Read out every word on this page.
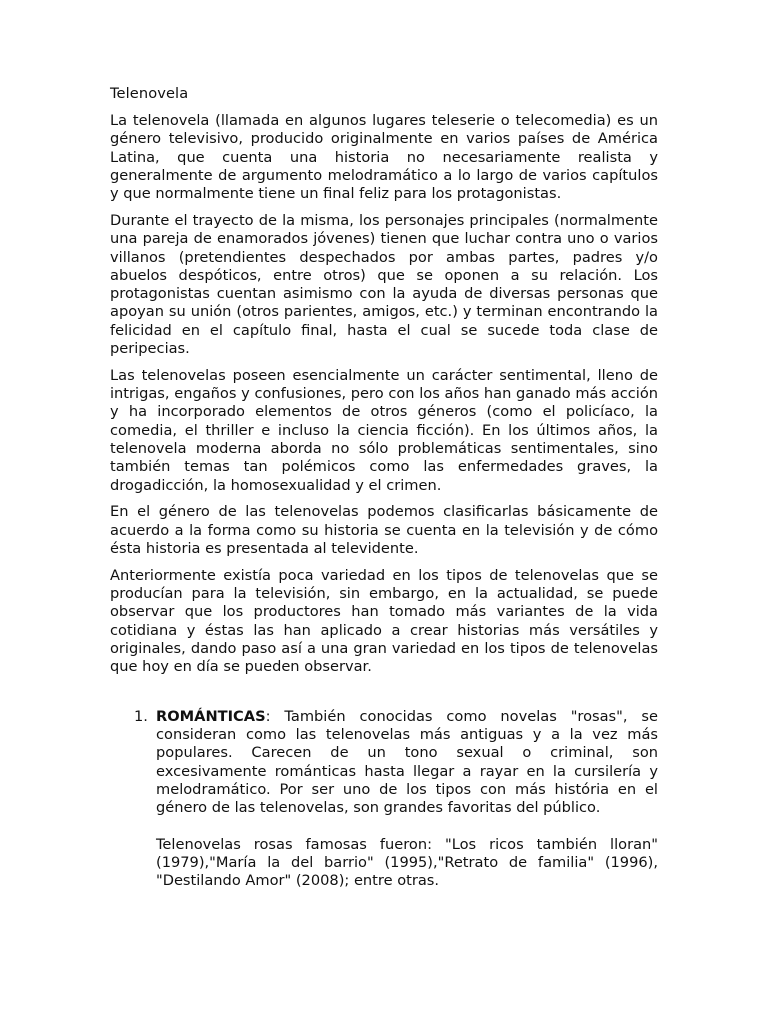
Telenovela

La telenovela (llamada en algunos lugares teleserie o telecomedia) es un género televisivo, producido originalmente en varios países de América Latina, que cuenta una historia no necesariamente realista y generalmente de argumento melodramático a lo largo de varios capítulos y que normalmente tiene un final feliz para los protagonistas.

Durante el trayecto de la misma, los personajes principales (normalmente una pareja de enamorados jóvenes) tienen que luchar contra uno o varios villanos (pretendientes despechados por ambas partes, padres y/o abuelos despóticos, entre otros) que se oponen a su relación. Los protagonistas cuentan asimismo con la ayuda de diversas personas que apoyan su unión (otros parientes, amigos, etc.) y terminan encontrando la felicidad en el capítulo final, hasta el cual se sucede toda clase de peripecias.

Las telenovelas poseen esencialmente un carácter sentimental, lleno de intrigas, engaños y confusiones, pero con los años han ganado más acción y ha incorporado elementos de otros géneros (como el policíaco, la comedia, el thriller e incluso la ciencia ficción). En los últimos años, la telenovela moderna aborda no sólo problemáticas sentimentales, sino también temas tan polémicos como las enfermedades graves, la drogadicción, la homosexualidad y el crimen.

En el género de las telenovelas podemos clasificarlas básicamente de acuerdo a la forma como su historia se cuenta en la televisión y de cómo ésta historia es presentada al televidente.

Anteriormente existía poca variedad en los tipos de telenovelas que se producían para la televisión, sin embargo, en la actualidad, se puede observar que los productores han tomado más variantes de la vida cotidiana y éstas las han aplicado a crear historias más versátiles y originales, dando paso así a una gran variedad en los tipos de telenovelas que hoy en día se pueden observar.

1. ROMÁNTICAS: También conocidas como novelas "rosas", se consideran como las telenovelas más antiguas y a la vez más populares. Carecen de un tono sexual o criminal, son excesivamente románticas hasta llegar a rayar en la cursilería y melodramático. Por ser uno de los tipos con más história en el género de las telenovelas, son grandes favoritas del público.

Telenovelas rosas famosas fueron: "Los ricos también lloran" (1979),"María la del barrio" (1995),"Retrato de familia" (1996), "Destilando Amor" (2008); entre otras.
